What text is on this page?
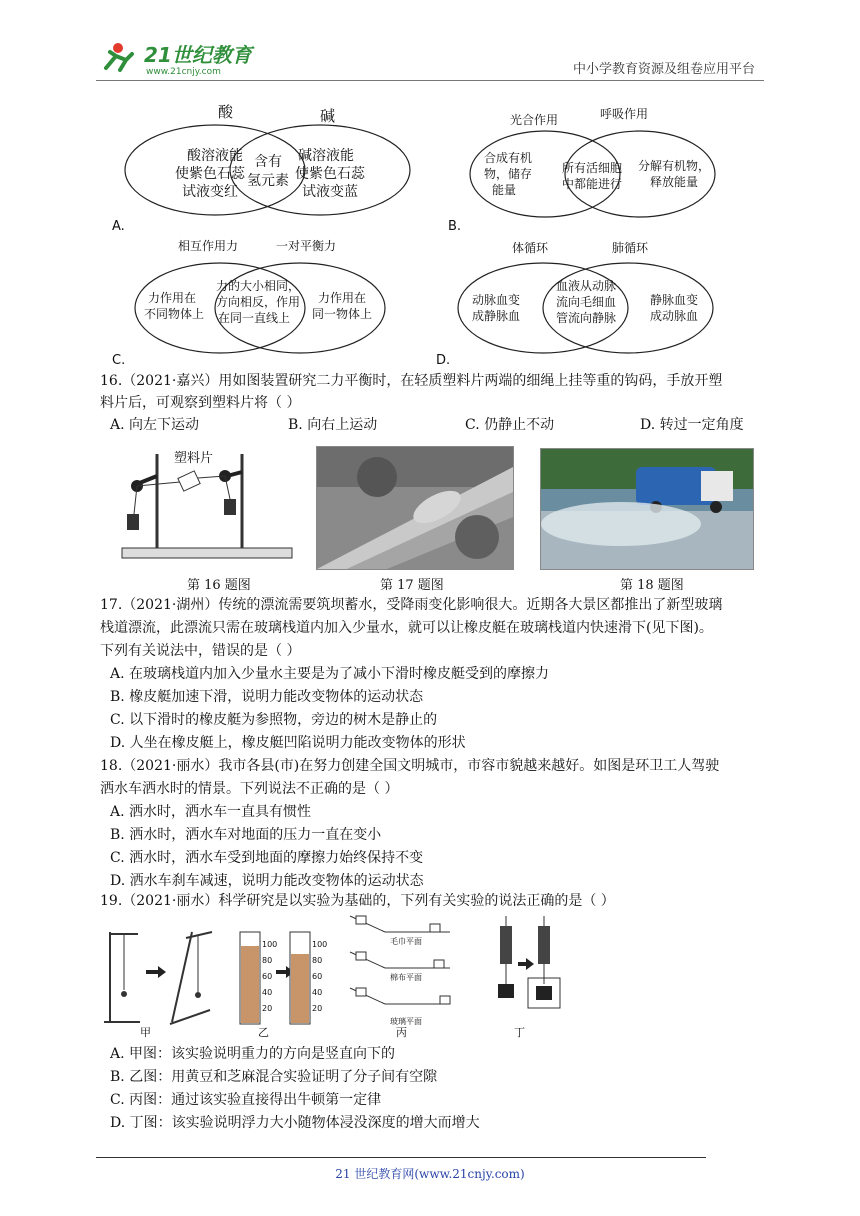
21世纪教育
www.21cnjy.com	中小学教育资源及组卷应用平台
酸	碱
酸溶液能
使紫色石蕊
试液变红
含有
氢元素
碱溶液能
使紫色石蕊
试液变蓝
A.
光合作用	呼吸作用
合成有机
物，储存
能量
所有活细胞
中都能进行
分解有机物，
释放能量
B.
相互作用力	一对平衡力
力作用在
不同物体上
力的大小相同，
方向相反，作用
在同一直线上
力作用在
同一物体上
C.
体循环	肺循环
动脉血变
成静脉血
血液从动脉
流向毛细血
管流向静脉
静脉血变
成动脉血
D.
16.（2021·嘉兴）用如图装置研究二力平衡时，在轻质塑料片两端的细绳上挂等重的钩码，手放开塑
料片后，可观察到塑料片将（ ）
A. 向左下运动	B. 向右上运动	C. 仍静止不动	D. 转过一定角度
塑料片
第 16 题图	第 17 题图	第 18 题图
17.（2021·湖州）传统的漂流需要筑坝蓄水，受降雨变化影响很大。近期各大景区都推出了新型玻璃
栈道漂流，此漂流只需在玻璃栈道内加入少量水，就可以让橡皮艇在玻璃栈道内快速滑下(见下图)。
下列有关说法中，错误的是（ ）
A. 在玻璃栈道内加入少量水主要是为了减小下滑时橡皮艇受到的摩擦力
B. 橡皮艇加速下滑，说明力能改变物体的运动状态
C. 以下滑时的橡皮艇为参照物，旁边的树木是静止的
D. 人坐在橡皮艇上，橡皮艇凹陷说明力能改变物体的形状
18.（2021·丽水）我市各县(市)在努力创建全国文明城市，市容市貌越来越好。如图是环卫工人驾驶
洒水车洒水时的情景。下列说法不正确的是（ ）
A. 洒水时，洒水车一直具有惯性
B. 洒水时，洒水车对地面的压力一直在变小
C. 洒水时，洒水车受到地面的摩擦力始终保持不变
D. 洒水车刹车减速，说明力能改变物体的运动状态
19.（2021·丽水）科学研究是以实验为基础的，下列有关实验的说法正确的是（ ）
甲
100
80
60
40
20
100
80
60
40
20
乙
毛巾平面
棉布平面
玻璃平面
丙	丁
A. 甲图：该实验说明重力的方向是竖直向下的
B. 乙图：用黄豆和芝麻混合实验证明了分子间有空隙
C. 丙图：通过该实验直接得出牛顿第一定律
D. 丁图：该实验说明浮力大小随物体浸没深度的增大而增大
21 世纪教育网(www.21cnjy.com)
